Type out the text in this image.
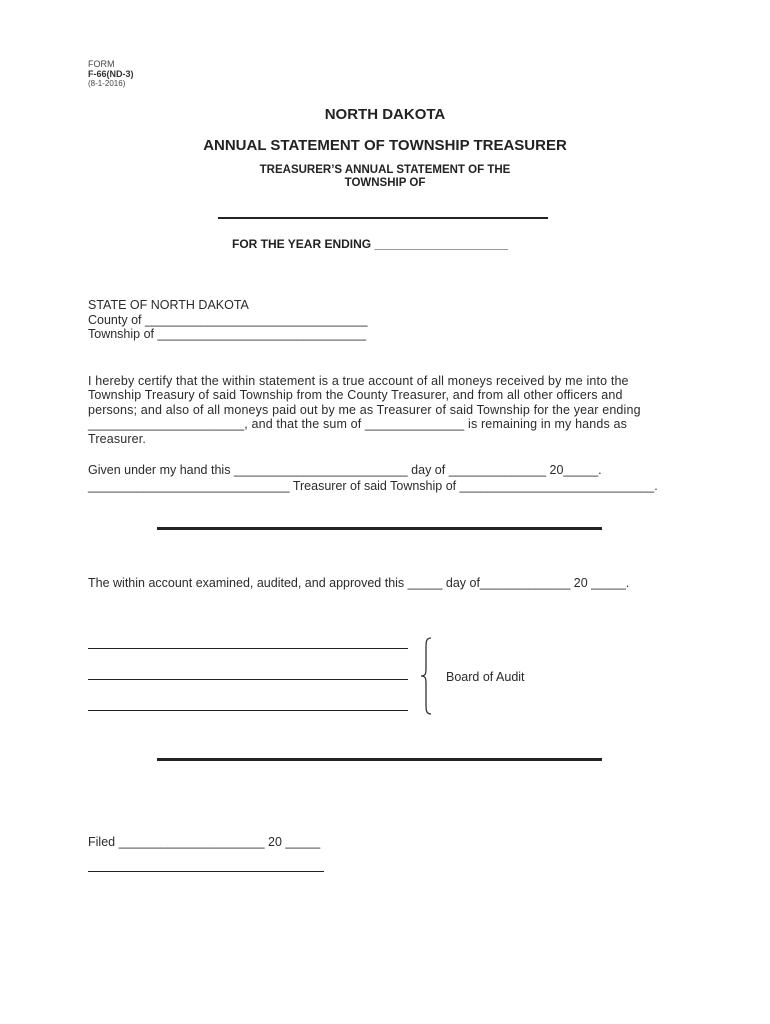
FORM
F-66(ND-3)
(8-1-2016)
NORTH DAKOTA
ANNUAL STATEMENT OF TOWNSHIP TREASURER
TREASURER’S ANNUAL STATEMENT OF THE
TOWNSHIP OF
FOR THE YEAR ENDING ____________________
STATE OF NORTH DAKOTA
County of ________________________________
Township of ______________________________
I hereby certify that the within statement is a true account of all moneys received by me into the Township Treasury of said Township from the County Treasurer, and from all other officers and persons; and also of all moneys paid out by me as Treasurer of said Township for the year ending ______________________, and that the sum of ______________ is remaining in my hands as Treasurer.
Given under my hand this _________________________ day of ______________ 20_____.
_____________________________ Treasurer of said Township of ____________________________.
The within account examined, audited, and approved this _____ day of_____________ 20 _____.
Board of Audit
Filed _____________________ 20 _____
